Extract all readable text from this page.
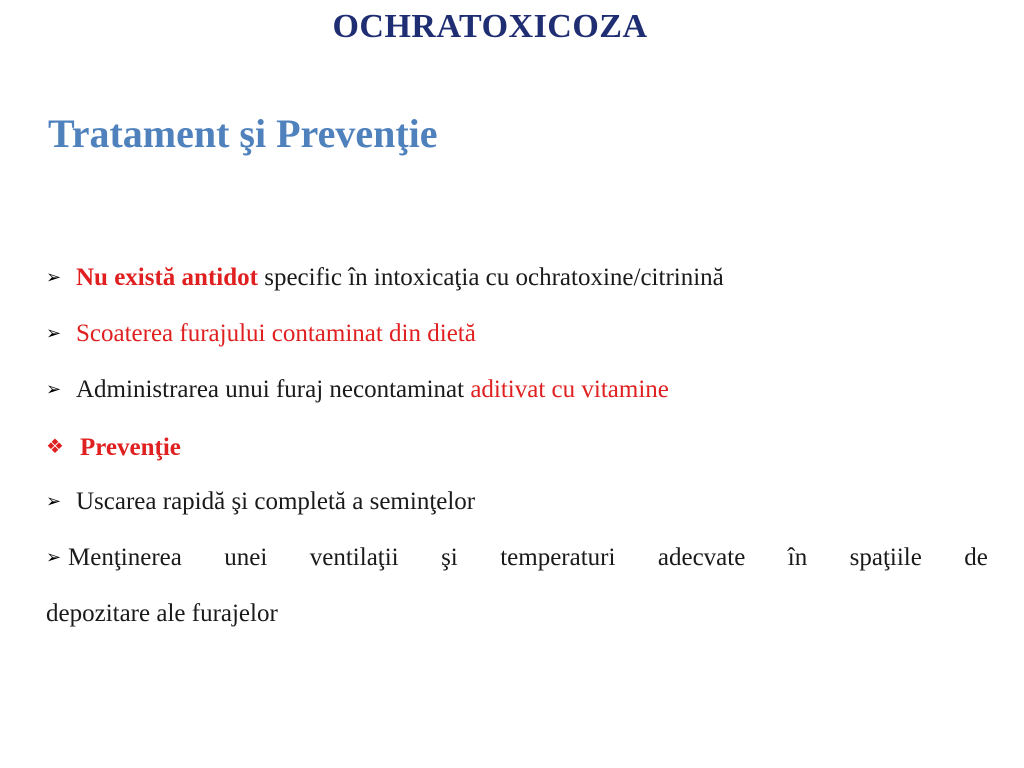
OCHRATOXICOZA
Tratament şi Prevenţie
➢ Nu există antidot specific în intoxicaţia cu ochratoxine/citrinină
➢ Scoaterea furajului contaminat din dietă
➢ Administrarea unui furaj necontaminat aditivat cu vitamine
❖ Prevenţie
➢ Uscarea rapidă şi completă a seminţelor
➢ Menţinerea unei ventilaţii şi temperaturi adecvate în spaţiile de
depozitare ale furajelor
